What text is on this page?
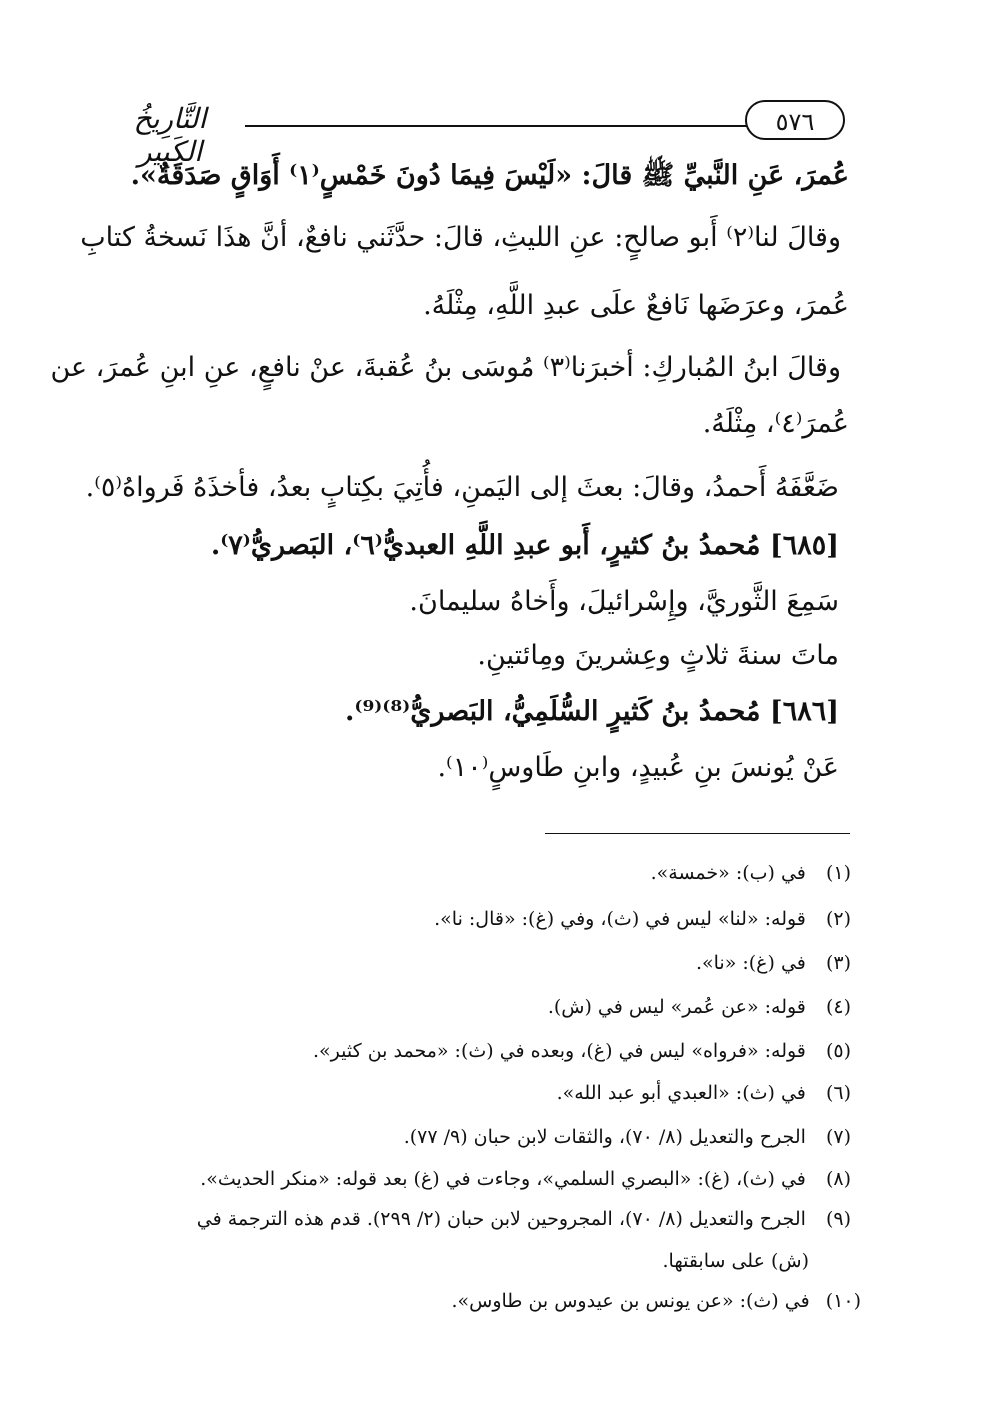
٥٧٦
التَّارِيخُ الكَبِير
عُمرَ، عَنِ النَّبيِّ ﷺ قالَ: «لَيْسَ فِيمَا دُونَ خَمْسٍ⁽١⁾ أَوَاقٍ صَدَقَةٌ».
وقالَ لنا⁽٢⁾ أَبو صالحٍ: عنِ الليثِ، قالَ: حدَّثَني نافعٌ، أنَّ هذَا نَسخةُ كتابِ
عُمرَ، وعرَضَها نَافعٌ علَى عبدِ اللَّهِ، مِثْلَهُ.
وقالَ ابنُ المُباركِ: أخبرَنا⁽٣⁾ مُوسَى بنُ عُقبةَ، عنْ نافعٍ، عنِ ابنِ عُمرَ، عن
عُمرَ⁽٤⁾، مِثْلَهُ.
ضَعَّفَهُ أَحمدُ، وقالَ: بعثَ إلى اليَمنِ، فأُتِيَ بكِتابٍ بعدُ، فأخذَهُ فَرواهُ⁽٥⁾.
[٦٨٥] مُحمدُ بنُ كثيرٍ، أَبو عبدِ اللَّهِ العبديُّ⁽٦⁾، البَصريُّ⁽٧⁾.
سَمِعَ الثَّوريَّ، وإِسْرائيلَ، وأَخاهُ سليمانَ.
ماتَ سنةَ ثلاثٍ وعِشرينَ ومِائتينِ.
[٦٨٦] مُحمدُ بنُ كَثيرٍ السُّلَمِيُّ، البَصريُّ⁽⁸⁾⁽⁹⁾.
عَنْ يُونسَ بنِ عُبيدٍ، وابنِ طَاوسٍ⁽١٠⁾.
(١) في (ب): «خمسة».
(٢) قوله: «لنا» ليس في (ث)، وفي (غ): «قال: نا».
(٣) في (غ): «نا».
(٤) قوله: «عن عُمر» ليس في (ش).
(٥) قوله: «فرواه» ليس في (غ)، وبعده في (ث): «محمد بن كثير».
(٦) في (ث): «العبدي أبو عبد الله».
(٧) الجرح والتعديل (٨/ ٧٠)، والثقات لابن حبان (٩/ ٧٧).
(٨) في (ث)، (غ): «البصري السلمي»، وجاءت في (غ) بعد قوله: «منكر الحديث».
(٩) الجرح والتعديل (٨/ ٧٠)، المجروحين لابن حبان (٢/ ٢٩٩). قدم هذه الترجمة في
(ش) على سابقتها.
(١٠) في (ث): «عن يونس بن عيدوس بن طاوس».
